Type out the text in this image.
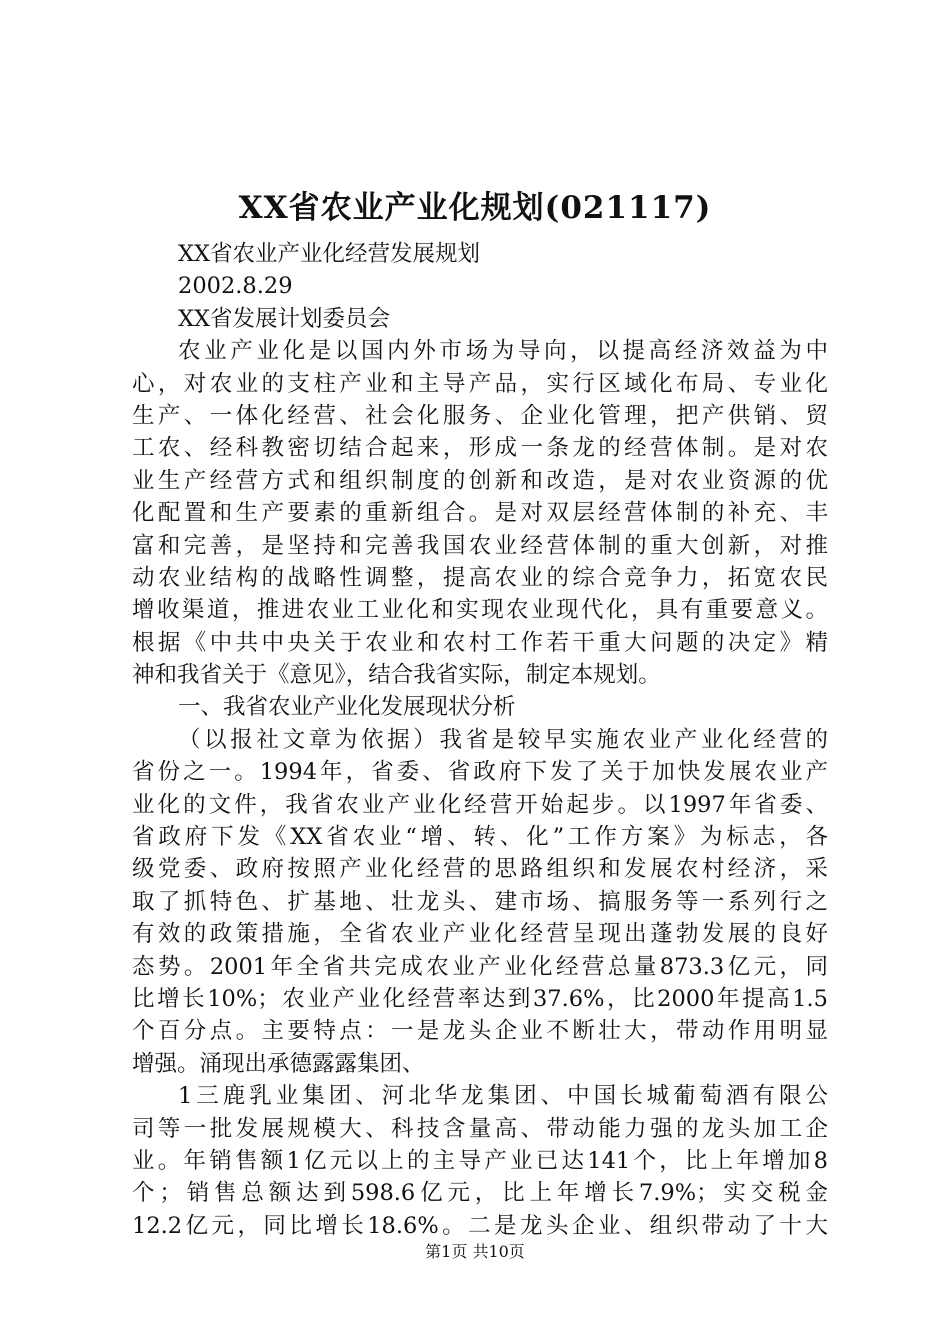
XX省农业产业化规划(021117)
XX省农业产业化经营发展规划
2002.8.29
XX省发展计划委员会
农业产业化是以国内外市场为导向，以提高经济效益为中
心，对农业的支柱产业和主导产品，实行区域化布局、专业化
生产、一体化经营、社会化服务、企业化管理，把产供销、贸
工农、经科教密切结合起来，形成一条龙的经营体制。是对农
业生产经营方式和组织制度的创新和改造，是对农业资源的优
化配置和生产要素的重新组合。是对双层经营体制的补充、丰
富和完善，是坚持和完善我国农业经营体制的重大创新，对推
动农业结构的战略性调整，提高农业的综合竞争力，拓宽农民
增收渠道，推进农业工业化和实现农业现代化，具有重要意义。
根据《中共中央关于农业和农村工作若干重大问题的决定》精
神和我省关于《意见》，结合我省实际，制定本规划。
一、我省农业产业化发展现状分析
（以报社文章为依据）我省是较早实施农业产业化经营的
省份之一。1994年，省委、省政府下发了关于加快发展农业产
业化的文件，我省农业产业化经营开始起步。以1997年省委、
省政府下发《XX省农业“增、转、化”工作方案》为标志，各
级党委、政府按照产业化经营的思路组织和发展农村经济，采
取了抓特色、扩基地、壮龙头、建市场、搞服务等一系列行之
有效的政策措施，全省农业产业化经营呈现出蓬勃发展的良好
态势。2001年全省共完成农业产业化经营总量873.3亿元，同
比增长10%；农业产业化经营率达到37.6%，比2000年提高1.5
个百分点。主要特点：一是龙头企业不断壮大，带动作用明显
增强。涌现出承德露露集团、
1三鹿乳业集团、河北华龙集团、中国长城葡萄酒有限公
司等一批发展规模大、科技含量高、带动能力强的龙头加工企
业。年销售额1亿元以上的主导产业已达141个，比上年增加8
个；销售总额达到598.6亿元，比上年增长7.9%；实交税金
12.2亿元，同比增长18.6%。二是龙头企业、组织带动了十大
第1页 共10页
